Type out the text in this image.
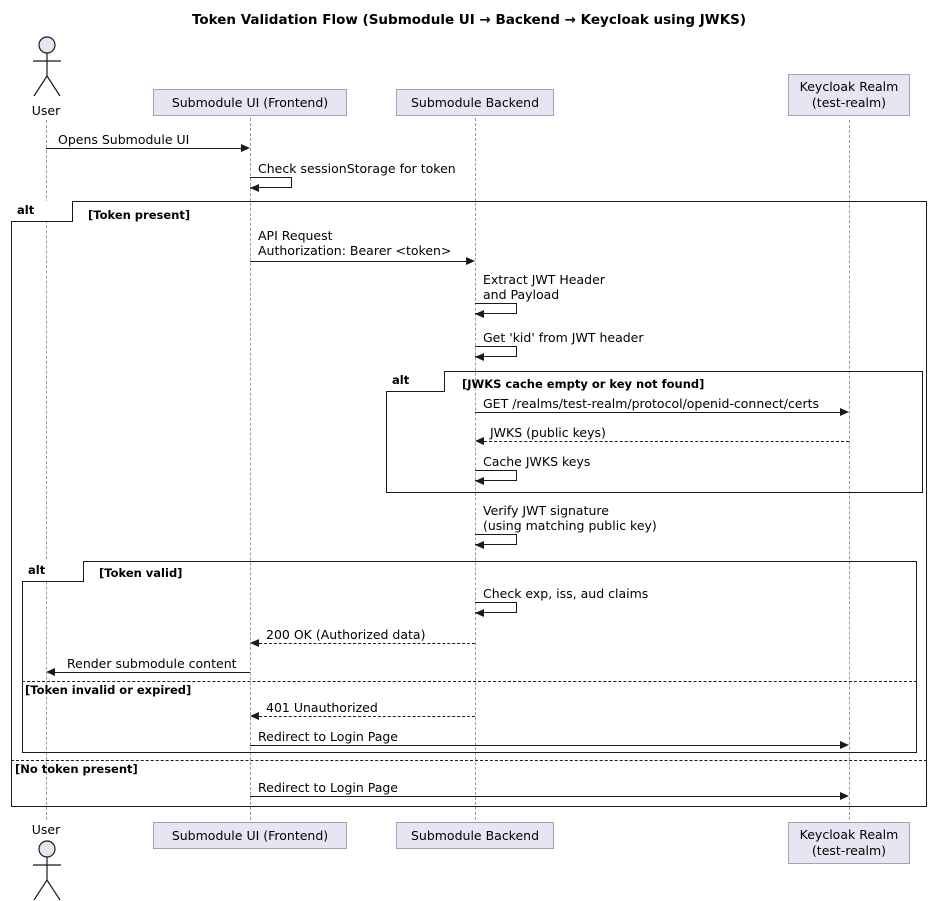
Token Validation Flow (Submodule UI → Backend → Keycloak using JWKS)
User
Submodule UI (Frontend)	Submodule Backend
Keycloak Realm
(test-realm)
Opens Submodule UI
Check sessionStorage for token
alt	[Token present]
API Request
Authorization: Bearer <token>
Extract JWT Header
and Payload
Get 'kid' from JWT header
alt	[JWKS cache empty or key not found]
GET /realms/test-realm/protocol/openid-connect/certs
JWKS (public keys)
Cache JWKS keys
Verify JWT signature
(using matching public key)
alt	[Token valid]
Check exp, iss, aud claims
200 OK (Authorized data)
Render submodule content
[Token invalid or expired]
401 Unauthorized
Redirect to Login Page
[No token present]
Redirect to Login Page
User	Submodule UI (Frontend)	Submodule Backend	Keycloak Realm
(test-realm)
